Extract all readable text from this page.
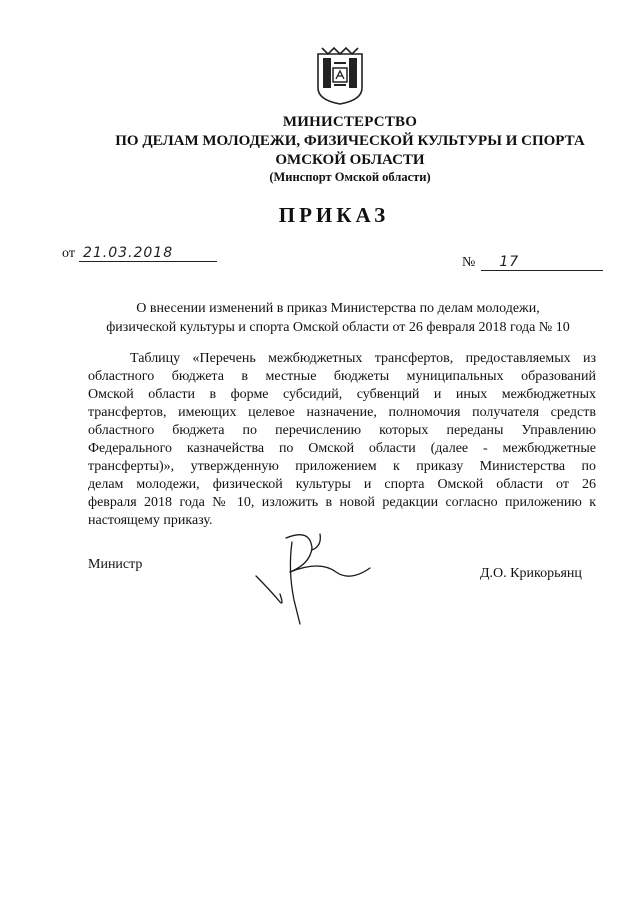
МИНИСТЕРСТВО
ПО ДЕЛАМ МОЛОДЕЖИ, ФИЗИЧЕСКОЙ КУЛЬТУРЫ И СПОРТА
ОМСКОЙ ОБЛАСТИ
(Минспорт Омской области)
ПРИКАЗ
от 21.03.2018
№ 17
О внесении изменений в приказ Министерства по делам молодежи,
физической культуры и спорта Омской области от 26 февраля 2018 года № 10
Таблицу «Перечень межбюджетных трансфертов, предоставляемых из
областного бюджета в местные бюджеты муниципальных образований
Омской области в форме субсидий, субвенций и иных межбюджетных
трансфертов, имеющих целевое назначение, полномочия получателя средств
областного бюджета по перечислению которых переданы Управлению
Федерального казначейства по Омской области (далее - межбюджетные
трансферты)», утвержденную приложением к приказу Министерства по
делам молодежи, физической культуры и спорта Омской области от 26
февраля 2018 года № 10, изложить в новой редакции согласно приложению к
настоящему приказу.
Министр
Д.О. Крикорьянц
